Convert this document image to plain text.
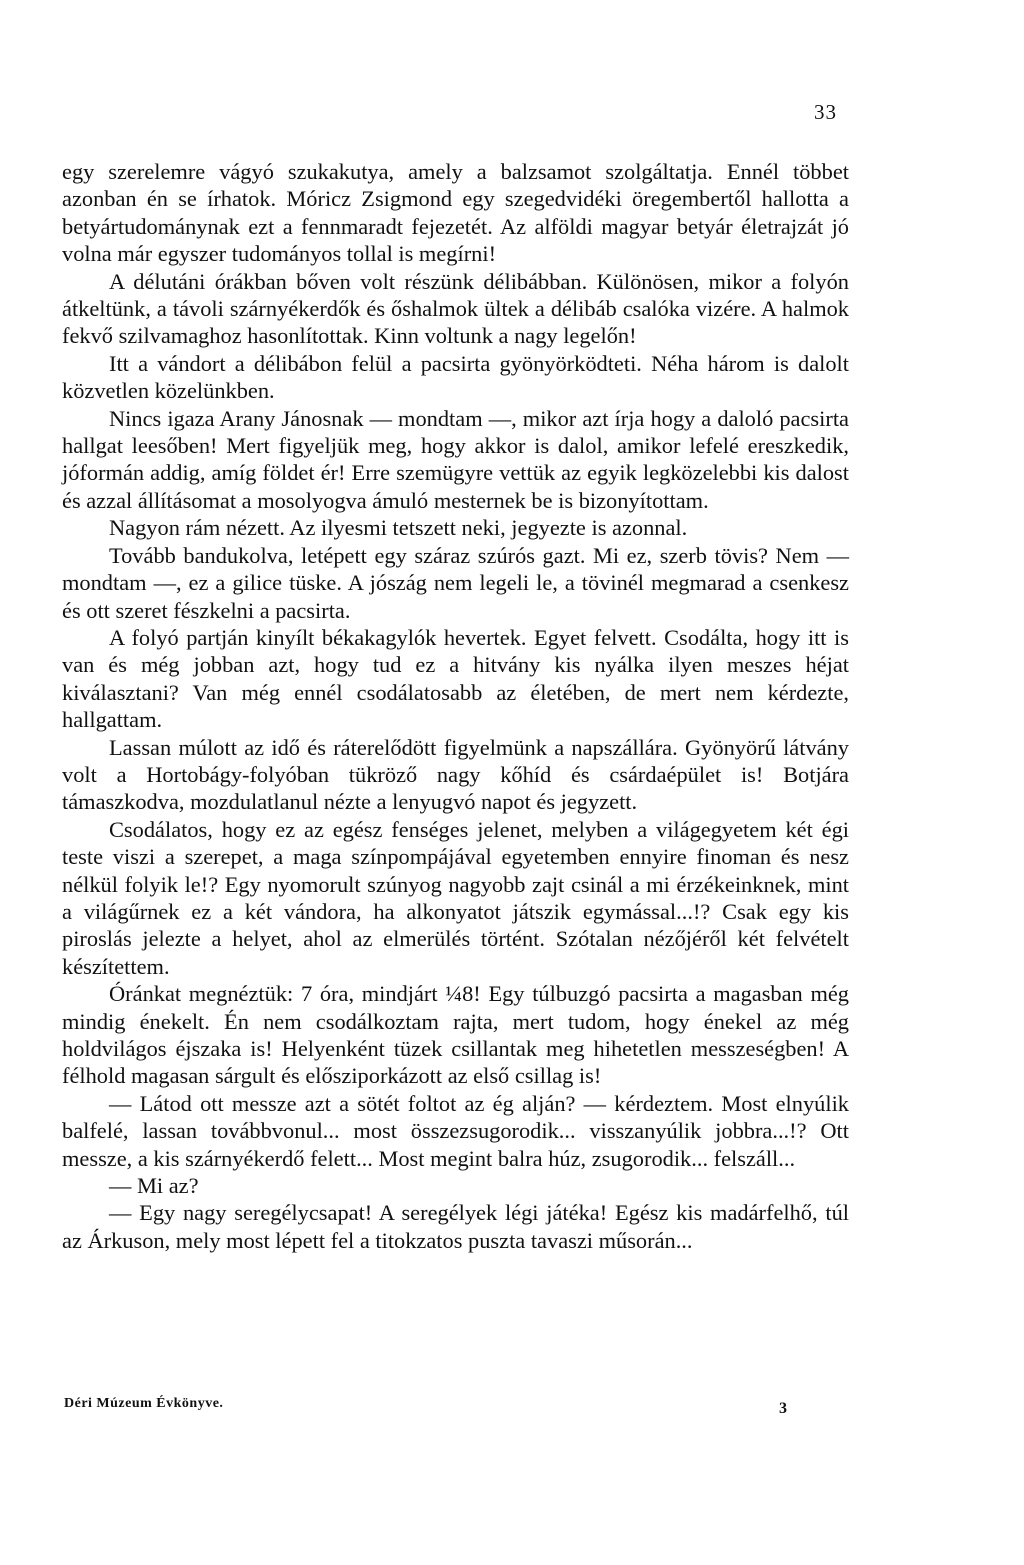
33

egy szerelemre vágyó szukakutya, amely a balzsamot szolgáltatja. Ennél többet azonban én se írhatok. Móricz Zsigmond egy szegedvidéki öregembertől hallotta a betyártudománynak ezt a fennmaradt fejezetét. Az alföldi magyar betyár életrajzát jó volna már egyszer tudományos tollal is megírni!

A délutáni órákban bőven volt részünk délibábban. Különösen, mikor a folyón átkeltünk, a távoli szárnyékerdők és őshalmok ültek a délibáb csalóka vizére. A halmok fekvő szilvamaghoz hasonlítottak. Kinn voltunk a nagy legelőn!

Itt a vándort a délibábon felül a pacsirta gyönyörködteti. Néha három is dalolt közvetlen közelünkben.

Nincs igaza Arany Jánosnak — mondtam —, mikor azt írja hogy a daloló pacsirta hallgat leesőben! Mert figyeljük meg, hogy akkor is dalol, amikor lefelé ereszkedik, jóformán addig, amíg földet ér! Erre szemügyre vettük az egyik legközelebbi kis dalost és azzal állításomat a mosolyogva ámuló mesternek be is bizonyítottam.

Nagyon rám nézett. Az ilyesmi tetszett neki, jegyezte is azonnal.

Tovább bandukolva, letépett egy száraz szúrós gazt. Mi ez, szerb tövis? Nem — mondtam —, ez a gilice tüske. A jószág nem legeli le, a tövinél megmarad a csenkesz és ott szeret fészkelni a pacsirta.

A folyó partján kinyílt békakagylók hevertek. Egyet felvett. Csodálta, hogy itt is van és még jobban azt, hogy tud ez a hitvány kis nyálka ilyen meszes héjat kiválasztani? Van még ennél csodálatosabb az életében, de mert nem kérdezte, hallgattam.

Lassan múlott az idő és ráterelődött figyelmünk a napszállára. Gyönyörű látvány volt a Hortobágy-folyóban tükröző nagy kőhíd és csárdaépület is! Botjára támaszkodva, mozdulatlanul nézte a lenyugvó napot és jegyzett.

Csodálatos, hogy ez az egész fenséges jelenet, melyben a világegyetem két égi teste viszi a szerepet, a maga színpompájával egyetemben ennyire finoman és nesz nélkül folyik le!? Egy nyomorult szúnyog nagyobb zajt csinál a mi érzékeinknek, mint a világűrnek ez a két vándora, ha alkonyatot játszik egymással...!? Csak egy kis piroslás jelezte a helyet, ahol az elmerülés történt. Szótalan nézőjéről két felvételt készítettem.

Óránkat megnéztük: 7 óra, mindjárt ¼8! Egy túlbuzgó pacsirta a magasban még mindig énekelt. Én nem csodálkoztam rajta, mert tudom, hogy énekel az még holdvilágos éjszaka is! Helyenként tüzek csillantak meg hihetetlen messzeségben! A félhold magasan sárgult és elősziporkázott az első csillag is!

— Látod ott messze azt a sötét foltot az ég alján? — kérdeztem. Most elnyúlik balfelé, lassan továbbvonul... most összezsugorodik... visszanyúlik jobbra...!? Ott messze, a kis szárnyékerdő felett... Most megint balra húz, zsugorodik... felszáll...

— Mi az?

— Egy nagy seregélycsapat! A seregélyek légi játéka! Egész kis madárfelhő, túl az Árkuson, mely most lépett fel a titokzatos puszta tavaszi műsorán...

Déri Múzeum Évkönyve.	3
